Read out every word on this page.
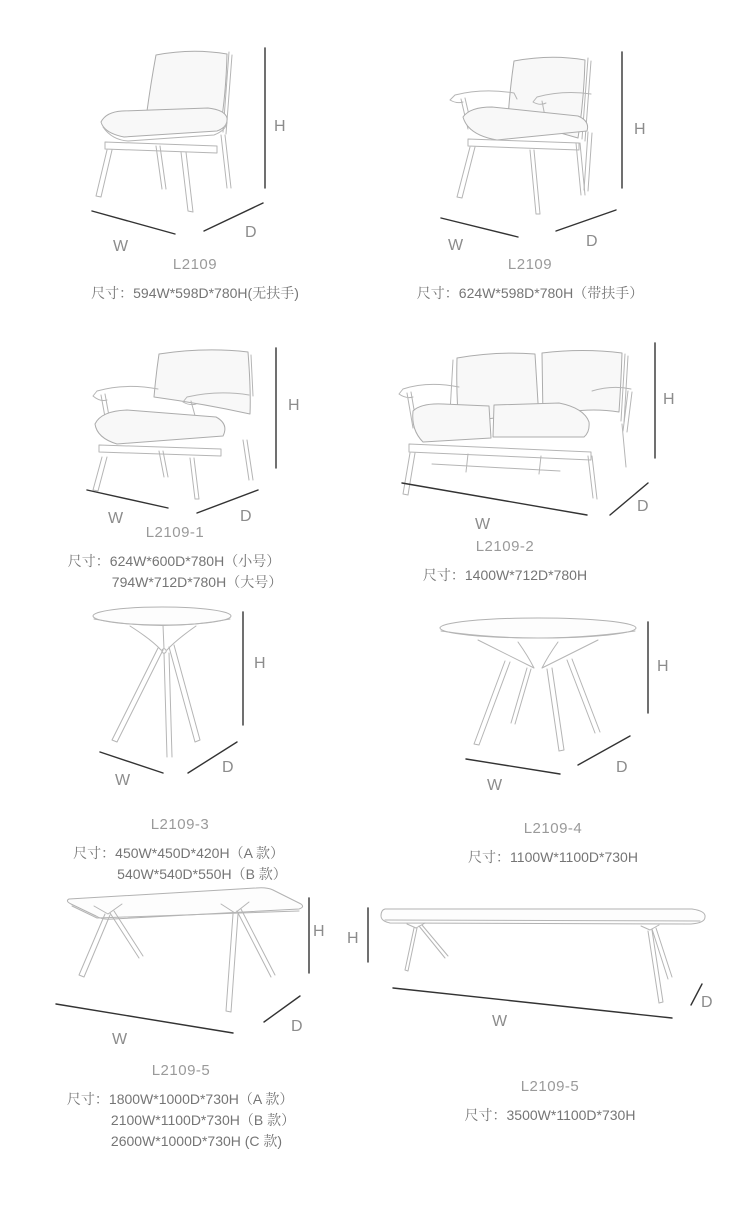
H
W
D
H
W	D
H
W	D
H
W
D
H
W
D
H
W
D
H
W
D
H
W
D
L2109
尺寸：594W*598D*780H(无扶手)
L2109
尺寸：624W*598D*780H（带扶手）
L2109-1
尺寸：624W*600D*780H（小号）
794W*712D*780H（大号）
L2109-2
尺寸：1400W*712D*780H
L2109-3
尺寸：450W*450D*420H（A 款）
540W*540D*550H（B 款）
L2109-4
尺寸：1100W*1100D*730H
L2109-5
尺寸：1800W*1000D*730H（A 款）
2100W*1100D*730H（B 款）
2600W*1000D*730H (C 款)
L2109-5
尺寸：3500W*1100D*730H
